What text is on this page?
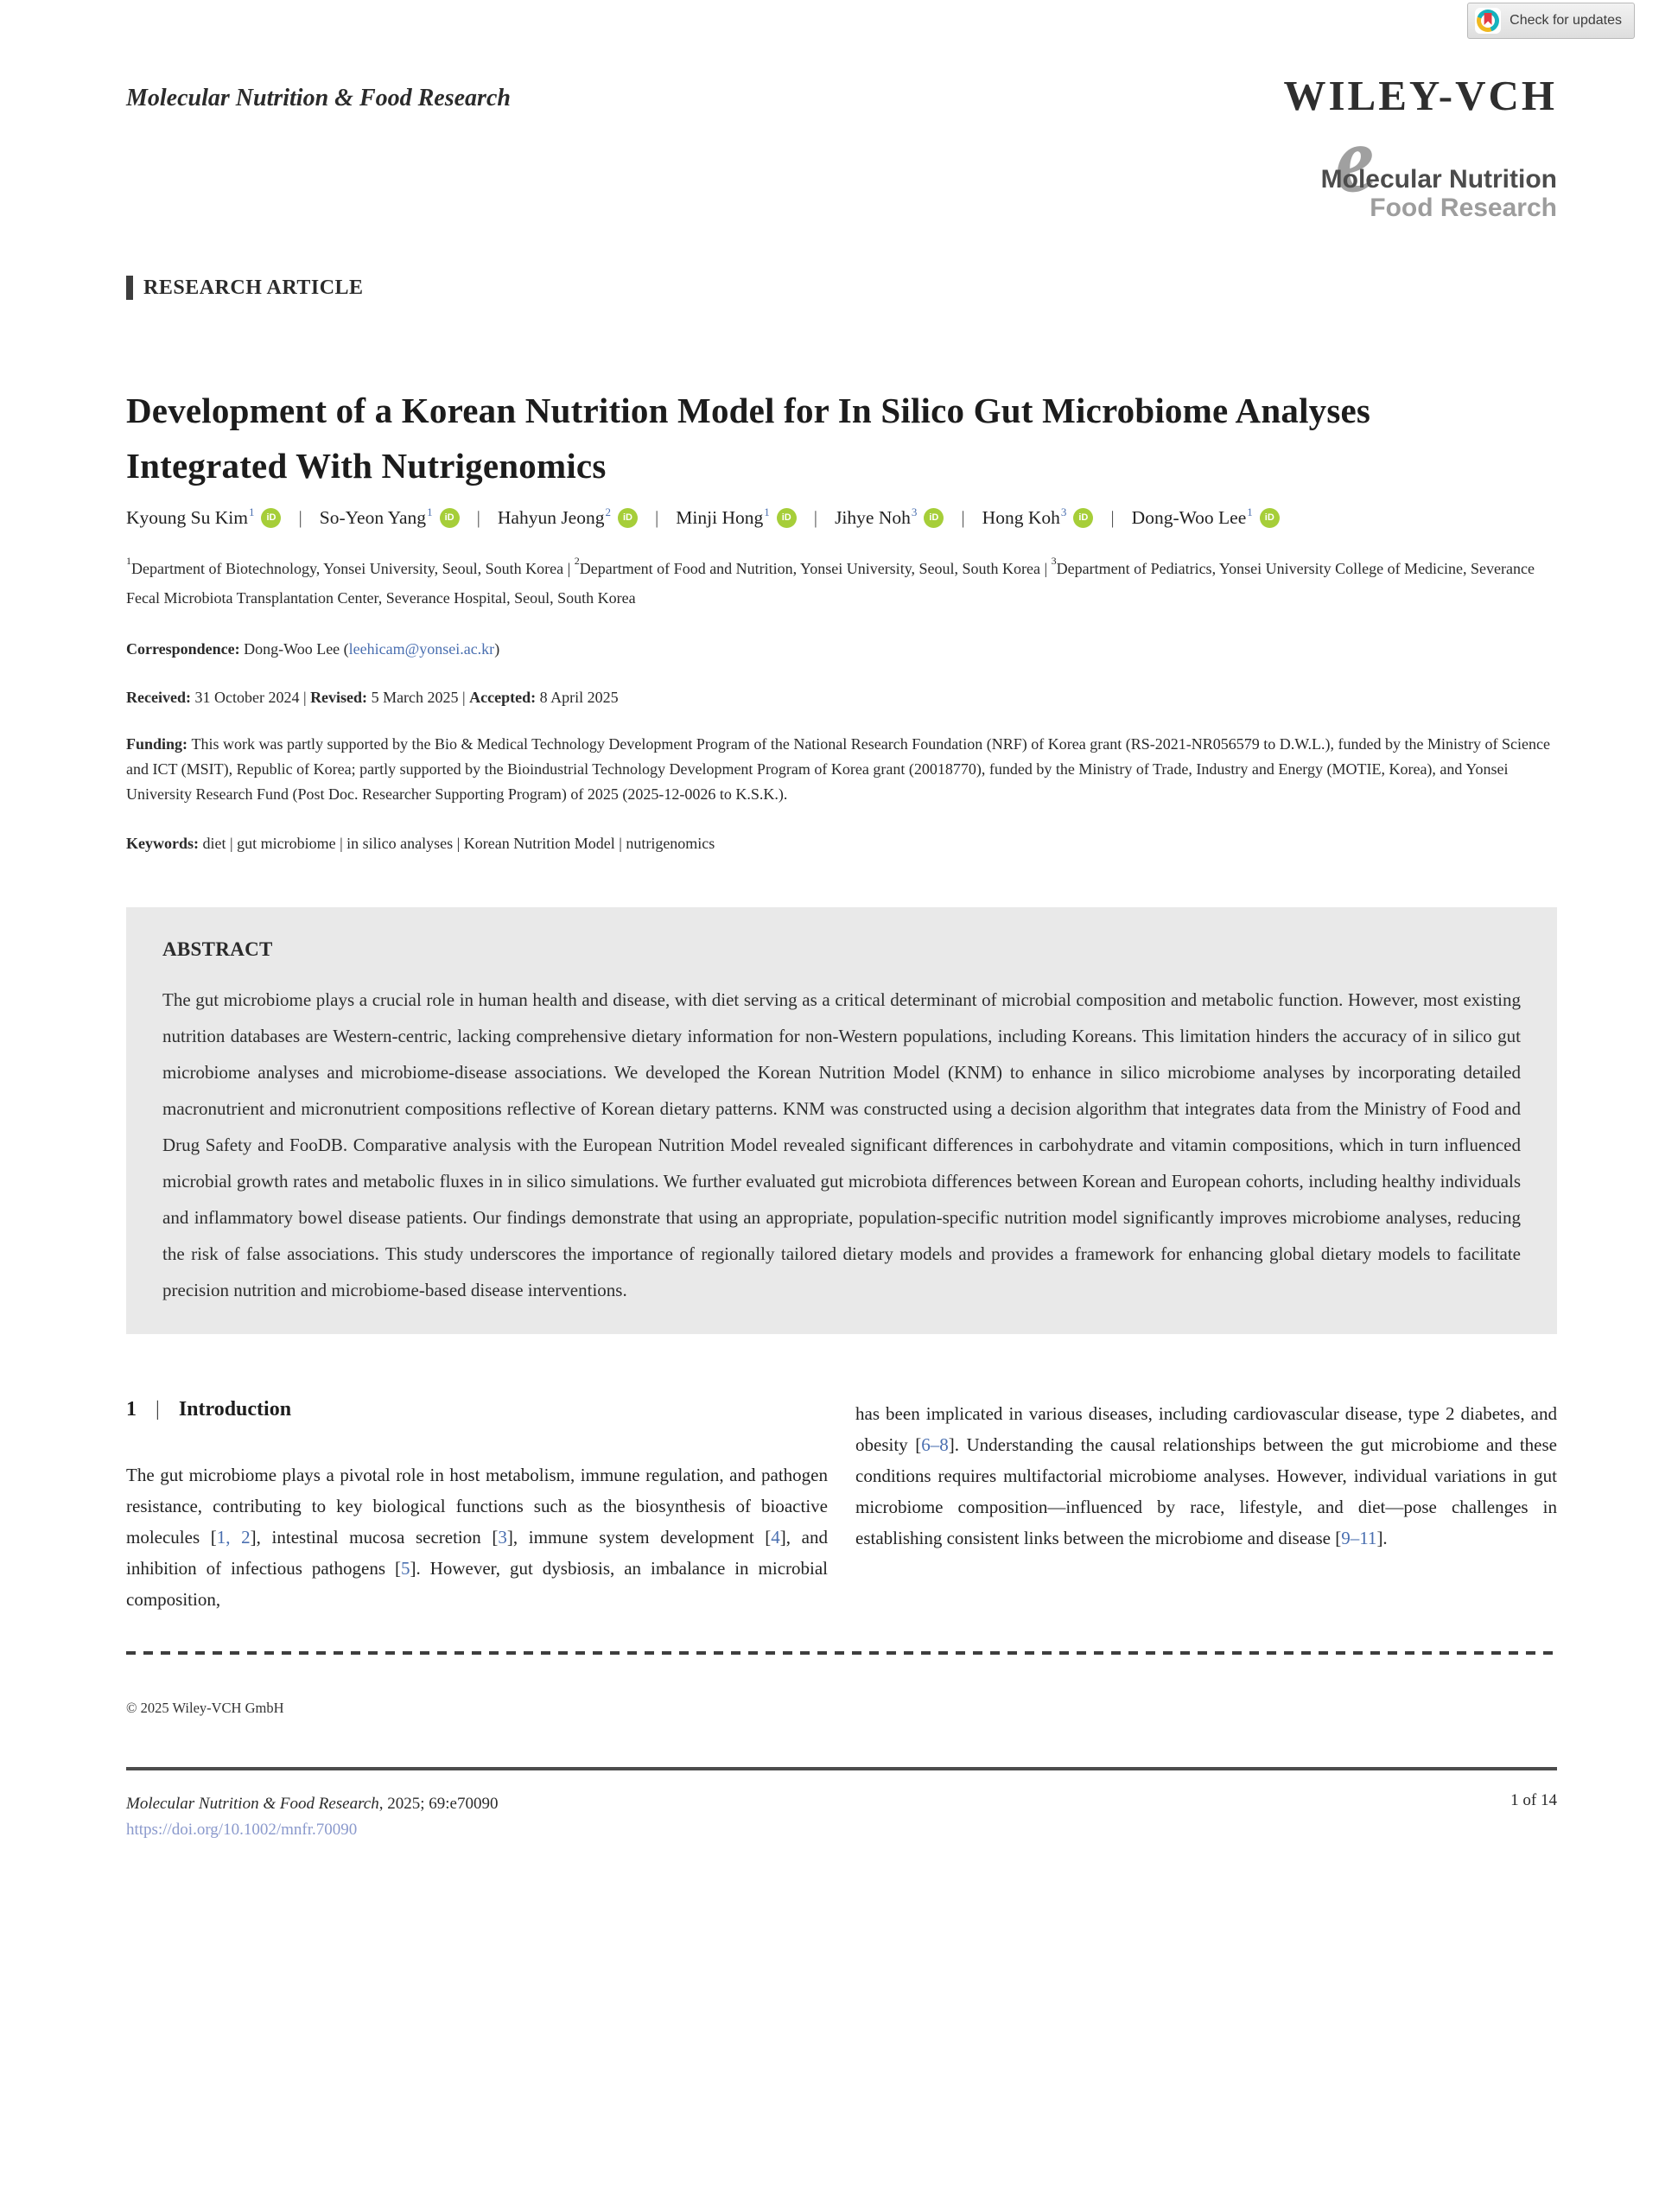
Check for updates
Molecular Nutrition & Food Research	WILEY-VCH
e
Molecular Nutrition
Food Research
RESEARCH ARTICLE
Development of a Korean Nutrition Model for In Silico Gut Microbiome Analyses Integrated With Nutrigenomics
Kyoung Su Kim 1	iD | So-Yeon Yang 1	iD | Hahyun Jeong 2	iD | Minji Hong 1	iD | Jihye Noh 3	iD | Hong Koh 3	iD | Dong-Woo Lee 1	iD
$^1$Department of Biotechnology, Yonsei University, Seoul, South Korea | $^2$Department of Food and Nutrition, Yonsei University, Seoul, South Korea | $^3$Department of Pediatrics, Yonsei University College of Medicine, Severance Fecal Microbiota Transplantation Center, Severance Hospital, Seoul, South Korea
Correspondence: Dong-Woo Lee (leehicam@yonsei.ac.kr)
Received: 31 October 2024 | Revised: 5 March 2025 | Accepted: 8 April 2025
Funding: This work was partly supported by the Bio & Medical Technology Development Program of the National Research Foundation (NRF) of Korea grant (RS-2021-NR056579 to D.W.L.), funded by the Ministry of Science and ICT (MSIT), Republic of Korea; partly supported by the Bioindustrial Technology Development Program of Korea grant (20018770), funded by the Ministry of Trade, Industry and Energy (MOTIE, Korea), and Yonsei University Research Fund (Post Doc. Researcher Supporting Program) of 2025 (2025-12-0026 to K.S.K.).
Keywords: diet | gut microbiome | in silico analyses | Korean Nutrition Model | nutrigenomics
ABSTRACT
The gut microbiome plays a crucial role in human health and disease, with diet serving as a critical determinant of microbial composition and metabolic function. However, most existing nutrition databases are Western-centric, lacking comprehensive dietary information for non-Western populations, including Koreans. This limitation hinders the accuracy of in silico gut microbiome analyses and microbiome-disease associations. We developed the Korean Nutrition Model (KNM) to enhance in silico microbiome analyses by incorporating detailed macronutrient and micronutrient compositions reflective of Korean dietary patterns. KNM was constructed using a decision algorithm that integrates data from the Ministry of Food and Drug Safety and FooDB. Comparative analysis with the European Nutrition Model revealed significant differences in carbohydrate and vitamin compositions, which in turn influenced microbial growth rates and metabolic fluxes in in silico simulations. We further evaluated gut microbiota differences between Korean and European cohorts, including healthy individuals and inflammatory bowel disease patients. Our findings demonstrate that using an appropriate, population-specific nutrition model significantly improves microbiome analyses, reducing the risk of false associations. This study underscores the importance of regionally tailored dietary models and provides a framework for enhancing global dietary models to facilitate precision nutrition and microbiome-based disease interventions.
1 | Introduction

The gut microbiome plays a pivotal role in host metabolism, immune regulation, and pathogen resistance, contributing to key biological functions such as the biosynthesis of bioactive molecules [1, 2], intestinal mucosa secretion [3], immune system development [4], and inhibition of infectious pathogens [5]. However, gut dysbiosis, an imbalance in microbial composition,

has been implicated in various diseases, including cardiovascular disease, type 2 diabetes, and obesity [6–8]. Understanding the causal relationships between the gut microbiome and these conditions requires multifactorial microbiome analyses. However, individual variations in gut microbiome composition—influenced by race, lifestyle, and diet—pose challenges in establishing consistent links between the microbiome and disease [9–11].

© 2025 Wiley-VCH GmbH
Molecular Nutrition & Food Research, 2025; 69:e70090
https://doi.org/10.1002/mnfr.70090
1 of 14
